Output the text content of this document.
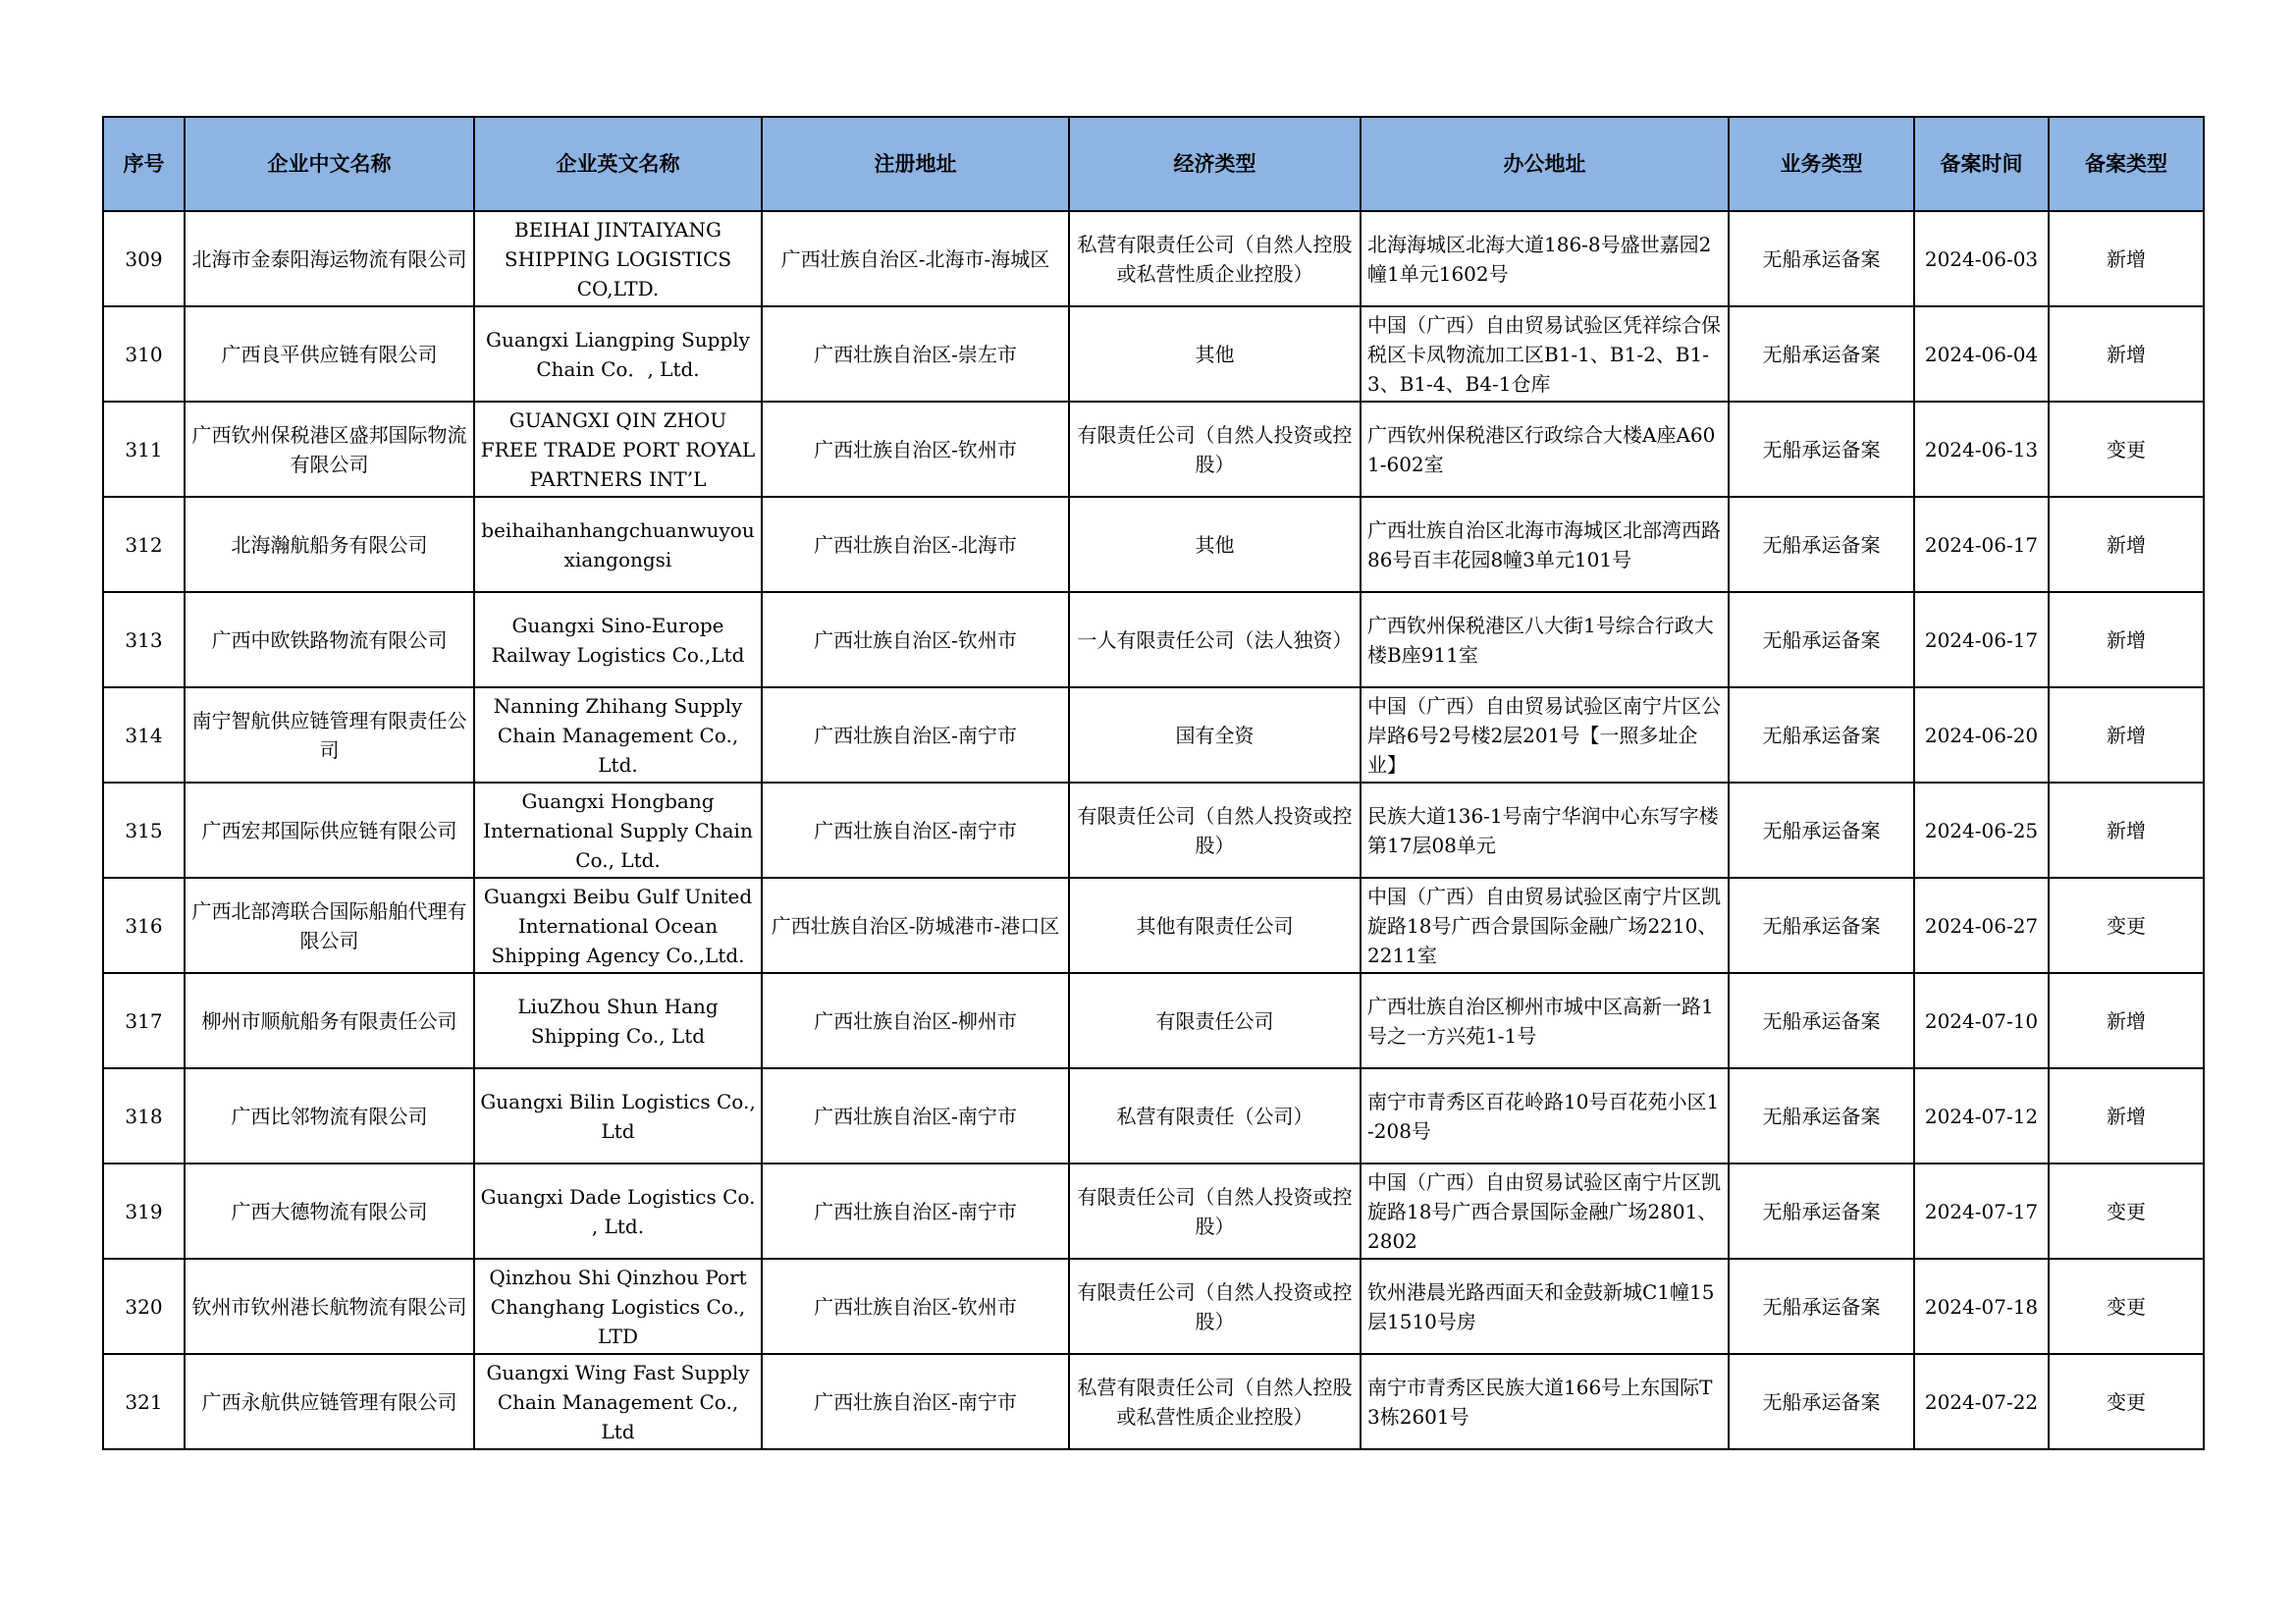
序号	企业中文名称	企业英文名称	注册地址	经济类型	办公地址	业务类型	备案时间	备案类型
309	北海市金泰阳海运物流有限公司	BEIHAI JINTAIYANG SHIPPING LOGISTICS CO,LTD.	广西壮族自治区-北海市-海城区	私营有限责任公司（自然人控股或私营性质企业控股）	北海海城区北海大道186-8号盛世嘉园2幢1单元1602号	无船承运备案	2024-06-03	新增
310	广西良平供应链有限公司	Guangxi Liangping Supply Chain Co．, Ltd.	广西壮族自治区-崇左市	其他	中国（广西）自由贸易试验区凭祥综合保税区卡凤物流加工区B1-1、B1-2、B1-3、B1-4、B4-1仓库	无船承运备案	2024-06-04	新增
311	广西钦州保税港区盛邦国际物流有限公司	GUANGXI QIN ZHOU FREE TRADE PORT ROYAL PARTNERS INT’L	广西壮族自治区-钦州市	有限责任公司（自然人投资或控股）	广西钦州保税港区行政综合大楼A座A601-602室	无船承运备案	2024-06-13	变更
312	北海瀚航船务有限公司	beihaihanhangchuanwuyouxiangongsi	广西壮族自治区-北海市	其他	广西壮族自治区北海市海城区北部湾西路86号百丰花园8幢3单元101号	无船承运备案	2024-06-17	新增
313	广西中欧铁路物流有限公司	Guangxi Sino-Europe Railway Logistics Co.,Ltd	广西壮族自治区-钦州市	一人有限责任公司（法人独资）	广西钦州保税港区八大街1号综合行政大楼B座911室	无船承运备案	2024-06-17	新增
314	南宁智航供应链管理有限责任公司	Nanning Zhihang Supply Chain Management Co., Ltd.	广西壮族自治区-南宁市	国有全资	中国（广西）自由贸易试验区南宁片区公岸路6号2号楼2层201号【一照多址企业】	无船承运备案	2024-06-20	新增
315	广西宏邦国际供应链有限公司	Guangxi Hongbang International Supply Chain Co., Ltd.	广西壮族自治区-南宁市	有限责任公司（自然人投资或控股）	民族大道136-1号南宁华润中心东写字楼第17层08单元	无船承运备案	2024-06-25	新增
316	广西北部湾联合国际船舶代理有限公司	Guangxi Beibu Gulf United International Ocean Shipping Agency Co.,Ltd.	广西壮族自治区-防城港市-港口区	其他有限责任公司	中国（广西）自由贸易试验区南宁片区凯旋路18号广西合景国际金融广场2210、2211室	无船承运备案	2024-06-27	变更
317	柳州市顺航船务有限责任公司	LiuZhou Shun Hang Shipping Co., Ltd	广西壮族自治区-柳州市	有限责任公司	广西壮族自治区柳州市城中区高新一路1号之一方兴苑1-1号	无船承运备案	2024-07-10	新增
318	广西比邻物流有限公司	Guangxi Bilin Logistics Co., Ltd	广西壮族自治区-南宁市	私营有限责任（公司）	南宁市青秀区百花岭路10号百花苑小区1-208号	无船承运备案	2024-07-12	新增
319	广西大德物流有限公司	Guangxi Dade Logistics Co. , Ltd.	广西壮族自治区-南宁市	有限责任公司（自然人投资或控股）	中国（广西）自由贸易试验区南宁片区凯旋路18号广西合景国际金融广场2801、2802	无船承运备案	2024-07-17	变更
320	钦州市钦州港长航物流有限公司	Qinzhou Shi Qinzhou Port Changhang Logistics Co., LTD	广西壮族自治区-钦州市	有限责任公司（自然人投资或控股）	钦州港晨光路西面天和金鼓新城C1幢15层1510号房	无船承运备案	2024-07-18	变更
321	广西永航供应链管理有限公司	Guangxi Wing Fast Supply Chain Management Co., Ltd	广西壮族自治区-南宁市	私营有限责任公司（自然人控股或私营性质企业控股）	南宁市青秀区民族大道166号上东国际T3栋2601号	无船承运备案	2024-07-22	变更
